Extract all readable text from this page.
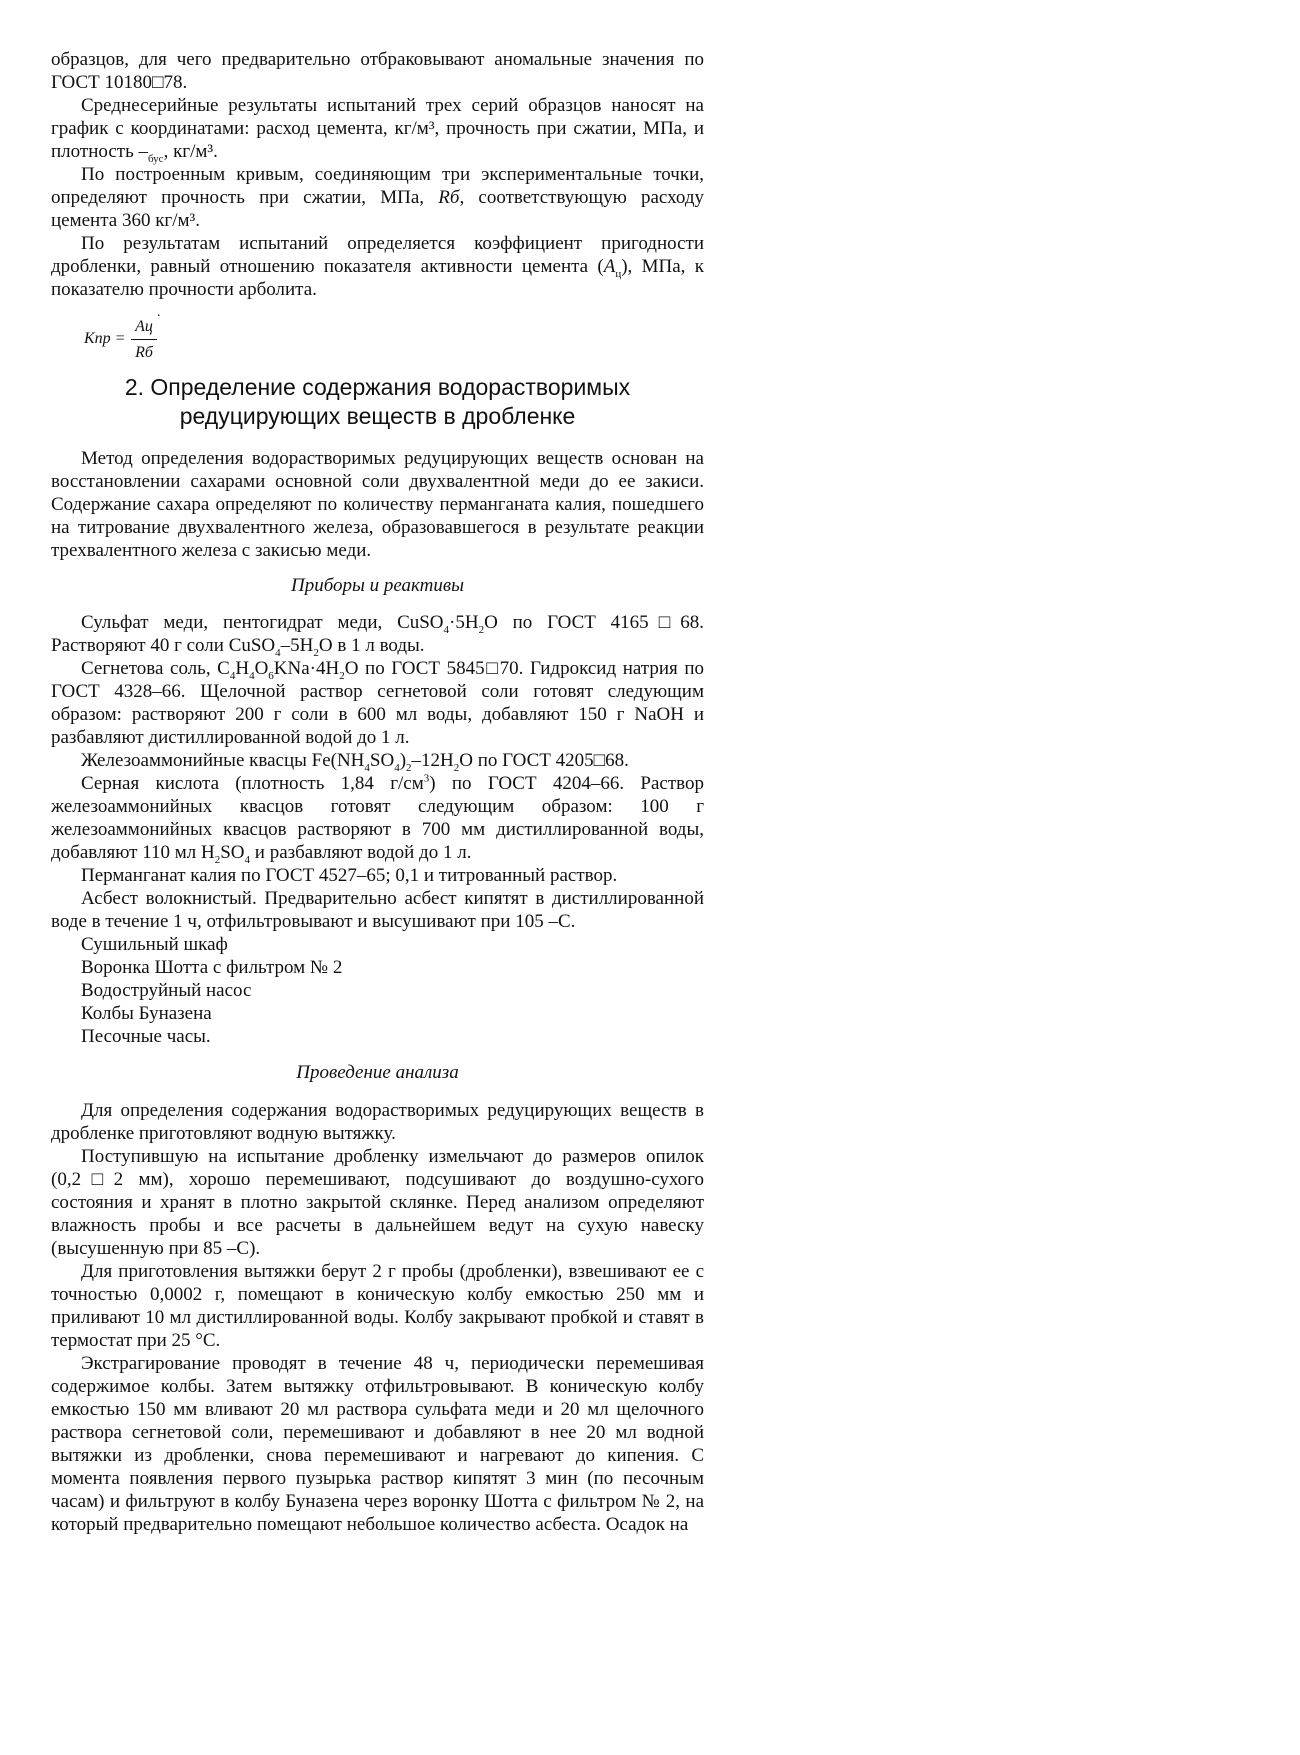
образцов, для чего предварительно отбраковывают аномальные значения по ГОСТ 10180□78.

Среднесерийные результаты испытаний трех серий образцов наносят на график с координатами: расход цемента, кг/м³, прочность при сжатии, МПа, и плотность $-_{бус}$, кг/м³.

По построенным кривым, соединяющим три экспериментальные точки, определяют прочность при сжатии, МПа, Rб, соответствующую расходу цемента 360 кг/м³.

По результатам испытаний определяется коэффициент пригодности дробленки, равный отношению показателя активности цемента $(А_ц)$, МПа, к показателю прочности арболита.

.
Кпр =
Ац
Rб
2. Определение содержания водорастворимых редуцирующих веществ в дробленке

Метод определения водорастворимых редуцирующих веществ основан на восстановлении сахарами основной соли двухвалентной меди до ее закиси. Содержание сахара определяют по количеству перманганата калия, пошедшего на титрование двухвалентного железа, образовавшегося в результате реакции трехвалентного железа с закисью меди.

Приборы и реактивы

Сульфат меди, пентогидрат меди, $CuSO_4\cdot 5H_2O$ по ГОСТ 4165□68. Растворяют 40 г соли $CuSO_4-5H_2O$ в 1 л воды.

Сегнетова соль, $C_4H_4O_6KNa\cdot 4H_2O$ по ГОСТ 5845□70. Гидроксид натрия по ГОСТ 4328–66. Щелочной раствор сегнетовой соли готовят следующим образом: растворяют 200 г соли в 600 мл воды, добавляют 150 г NaOH и разбавляют дистиллированной водой до 1 л.

Железоаммонийные квасцы $Fe(NH_4SO_4)_2-12H_2O$ по ГОСТ 4205□68.

Серная кислота (плотность 1,84 $г/см^3$) по ГОСТ 4204–66. Раствор железоаммонийных квасцов готовят следующим образом: 100 г железоаммонийных квасцов растворяют в 700 мм дистиллированной воды, добавляют 110 мл $H_2SO_4$ и разбавляют водой до 1 л.

Перманганат калия по ГОСТ 4527–65; 0,1 и титрованный раствор.

Асбест волокнистый. Предварительно асбест кипятят в дистиллированной воде в течение 1 ч, отфильтровывают и высушивают при 105 –С.

Сушильный шкаф

Воронка Шотта с фильтром № 2

Водоструйный насос

Колбы Буназена

Песочные часы.

Проведение анализа

Для определения содержания водорастворимых редуцирующих веществ в дробленке приготовляют водную вытяжку.

Поступившую на испытание дробленку измельчают до размеров опилок (0,2□2 мм), хорошо перемешивают, подсушивают до воздушно-сухого состояния и хранят в плотно закрытой склянке. Перед анализом определяют влажность пробы и все расчеты в дальнейшем ведут на сухую навеску (высушенную при 85 –С).

Для приготовления вытяжки берут 2 г пробы (дробленки), взвешивают ее с точностью 0,0002 г, помещают в коническую колбу емкостью 250 мм и приливают 10 мл дистиллированной воды. Колбу закрывают пробкой и ставят в термостат при 25 °С.

Экстрагирование проводят в течение 48 ч, периодически перемешивая содержимое колбы. Затем вытяжку отфильтровывают. В коническую колбу емкостью 150 мм вливают 20 мл раствора сульфата меди и 20 мл щелочного раствора сегнетовой соли, перемешивают и добавляют в нее 20 мл водной вытяжки из дробленки, снова перемешивают и нагревают до кипения. С момента появления первого пузырька раствор кипятят 3 мин (по песочным часам) и фильтруют в колбу Буназена через воронку Шотта с фильтром № 2, на который предварительно помещают небольшое количество асбеста. Осадок на
